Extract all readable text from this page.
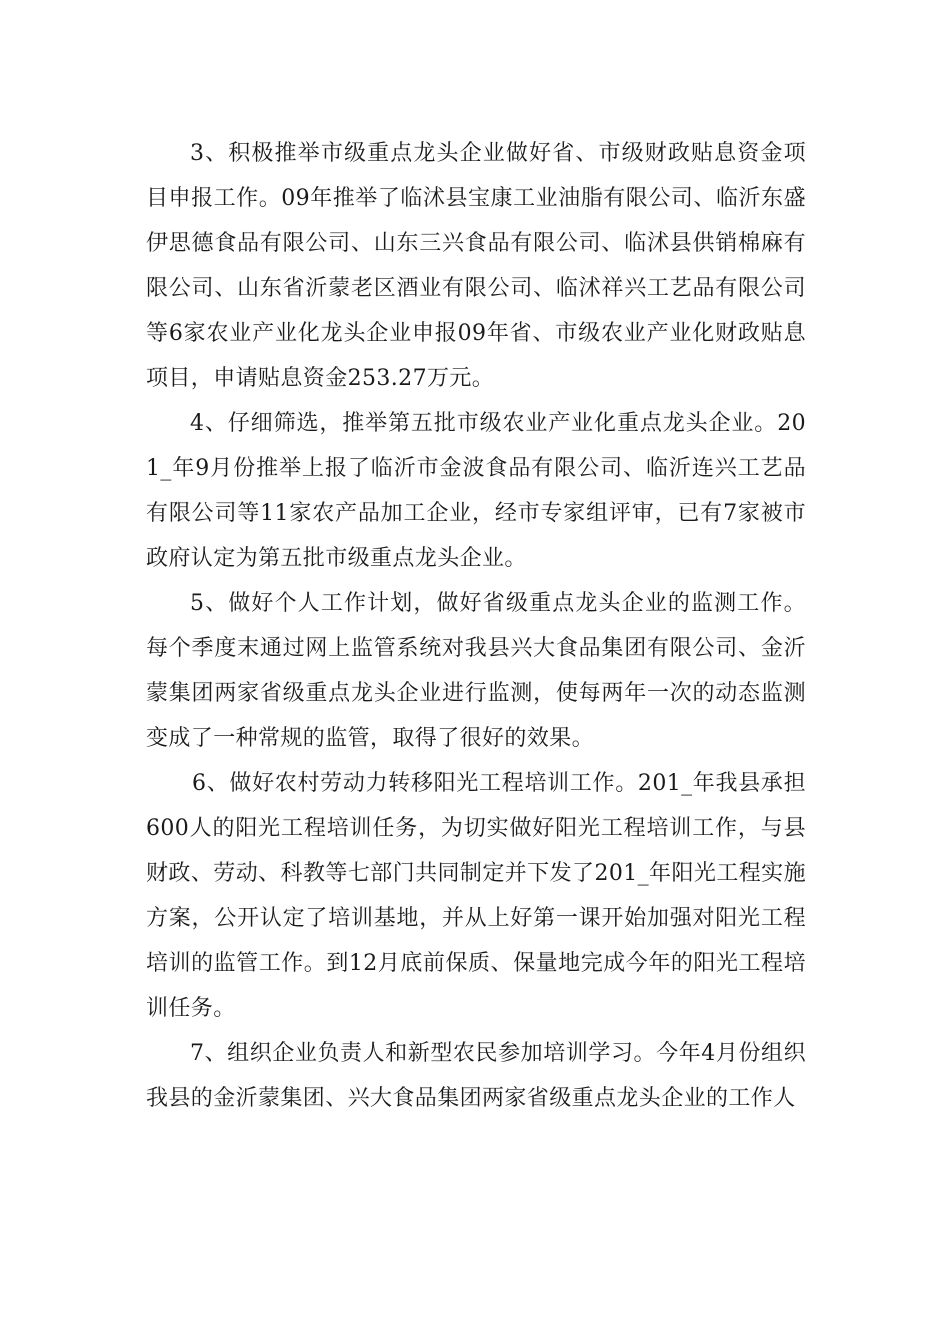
3、积极推举市级重点龙头企业做好省、市级财政贴息资金项目申报工作。09年推举了临沭县宝康工业油脂有限公司、临沂东盛伊思德食品有限公司、山东三兴食品有限公司、临沭县供销棉麻有限公司、山东省沂蒙老区酒业有限公司、临沭祥兴工艺品有限公司等6家农业产业化龙头企业申报09年省、市级农业产业化财政贴息项目，申请贴息资金253.27万元。

4、仔细筛选，推举第五批市级农业产业化重点龙头企业。201_年9月份推举上报了临沂市金波食品有限公司、临沂连兴工艺品有限公司等11家农产品加工企业，经市专家组评审，已有7家被市政府认定为第五批市级重点龙头企业。

5、做好个人工作计划，做好省级重点龙头企业的监测工作。每个季度末通过网上监管系统对我县兴大食品集团有限公司、金沂蒙集团两家省级重点龙头企业进行监测，使每两年一次的动态监测变成了一种常规的监管，取得了很好的效果。

6、做好农村劳动力转移阳光工程培训工作。201_年我县承担600人的阳光工程培训任务，为切实做好阳光工程培训工作，与县财政、劳动、科教等七部门共同制定并下发了201_年阳光工程实施方案，公开认定了培训基地，并从上好第一课开始加强对阳光工程培训的监管工作。到12月底前保质、保量地完成今年的阳光工程培训任务。

7、组织企业负责人和新型农民参加培训学习。今年4月份组织我县的金沂蒙集团、兴大食品集团两家省级重点龙头企业的工作人
